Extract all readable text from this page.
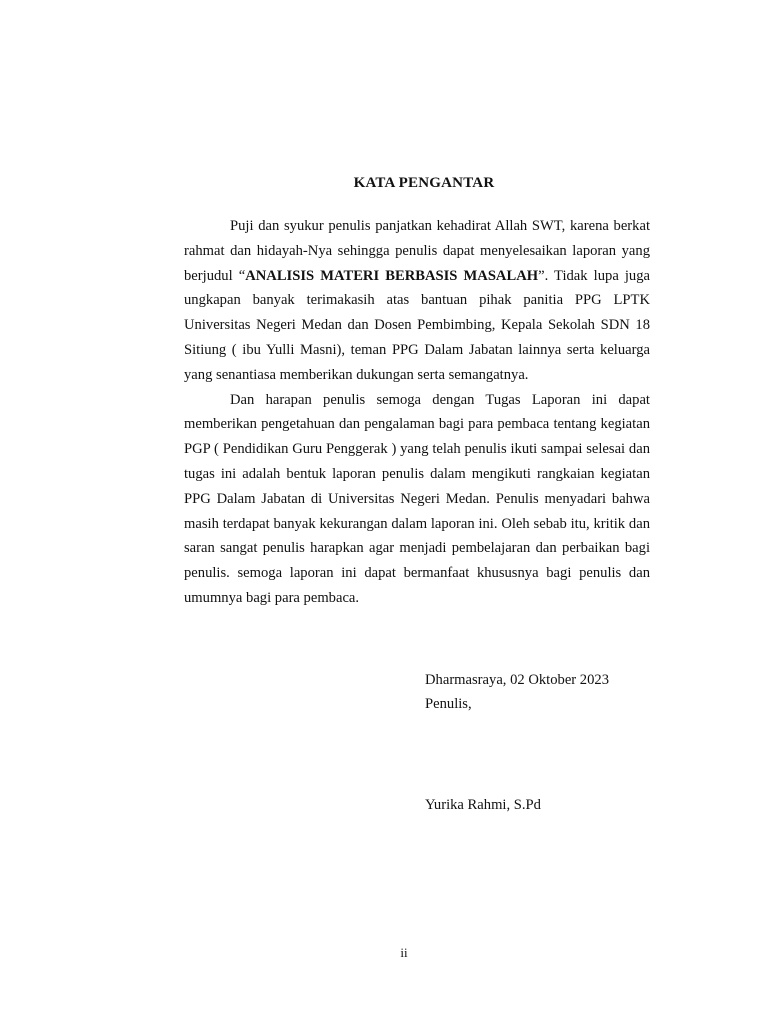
KATA PENGANTAR

Puji dan syukur penulis panjatkan kehadirat Allah SWT, karena berkat rahmat dan hidayah-Nya sehingga penulis dapat menyelesaikan laporan yang berjudul “ANALISIS MATERI BERBASIS MASALAH”. Tidak lupa juga ungkapan banyak terimakasih atas bantuan pihak panitia PPG LPTK Universitas Negeri Medan dan Dosen Pembimbing, Kepala Sekolah SDN 18 Sitiung ( ibu Yulli Masni), teman PPG Dalam Jabatan lainnya serta keluarga yang senantiasa memberikan dukungan serta semangatnya.

Dan harapan penulis semoga dengan Tugas Laporan ini dapat memberikan pengetahuan dan pengalaman bagi para pembaca tentang kegiatan PGP ( Pendidikan Guru Penggerak ) yang telah penulis ikuti sampai selesai dan tugas ini adalah bentuk laporan penulis dalam mengikuti rangkaian kegiatan PPG Dalam Jabatan di Universitas Negeri Medan. Penulis menyadari bahwa masih terdapat banyak kekurangan dalam laporan ini. Oleh sebab itu, kritik dan saran sangat penulis harapkan agar menjadi pembelajaran dan perbaikan bagi penulis. semoga laporan ini dapat bermanfaat khususnya bagi penulis dan umumnya bagi para pembaca.

Dharmasraya, 02 Oktober 2023
Penulis,
Yurika Rahmi, S.Pd
ii
